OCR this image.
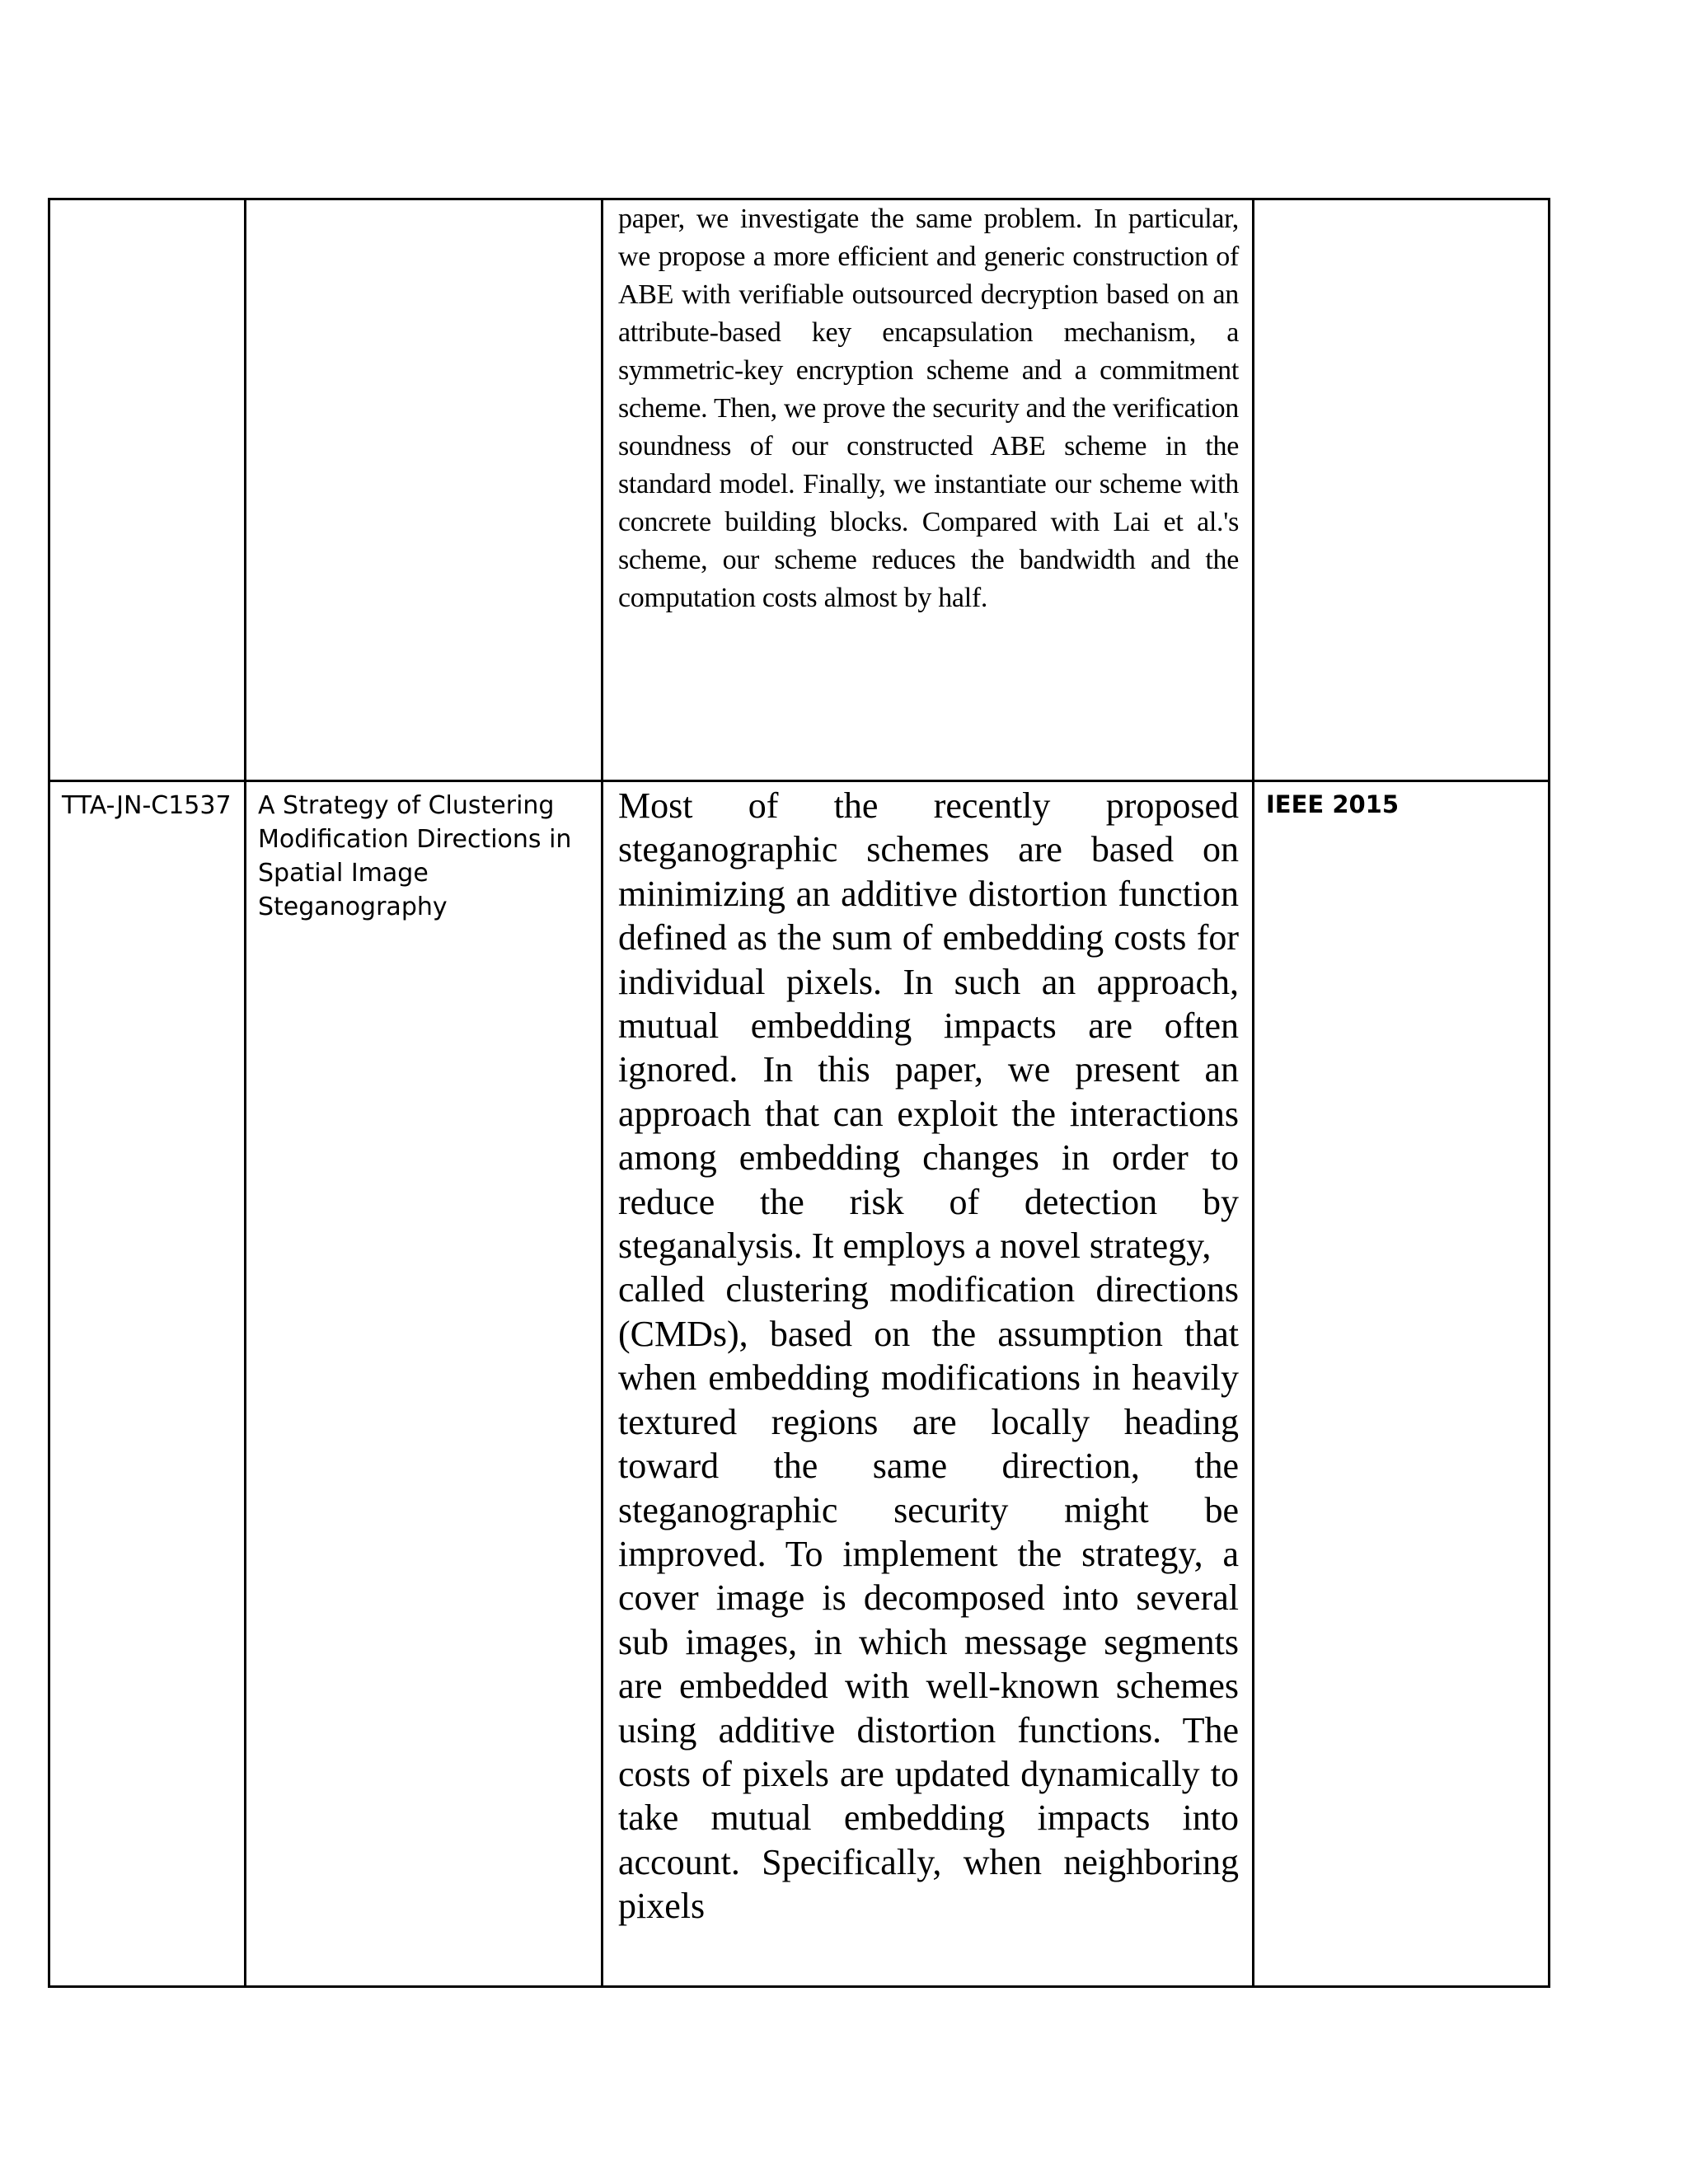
		paper, we investigate the same problem. In particular, we propose a more efficient and generic construction of ABE with verifiable outsourced decryption based on an attribute-based key encapsulation mechanism, a symmetric-key encryption scheme and a commitment scheme. Then, we prove the security and the verification soundness of our constructed ABE scheme in the standard model. Finally, we instantiate our scheme with concrete building blocks. Compared with Lai et al.'s scheme, our scheme reduces the bandwidth and the computation costs almost by half.	

TTA-JN-C1537	A Strategy of Clustering Modification Directions in Spatial Image Steganography	Most of the recently proposed steganographic schemes are based on minimizing an additive distortion function defined as the sum of embedding costs for individual pixels. In such an approach, mutual embedding impacts are often ignored. In this paper, we present an approach that can exploit the interactions among embedding changes in order to reduce the risk of detection by steganalysis. It employs a novel strategy,

called clustering modification directions (CMDs), based on the assumption that when embedding modifications in heavily textured regions are locally heading toward the same direction, the steganographic security might be improved. To implement the strategy, a cover image is decomposed into several sub images, in which message segments are embedded with well-known schemes using additive distortion functions. The costs of pixels are updated dynamically to take mutual embedding impacts into account. Specifically, when neighboring pixels	IEEE 2015
